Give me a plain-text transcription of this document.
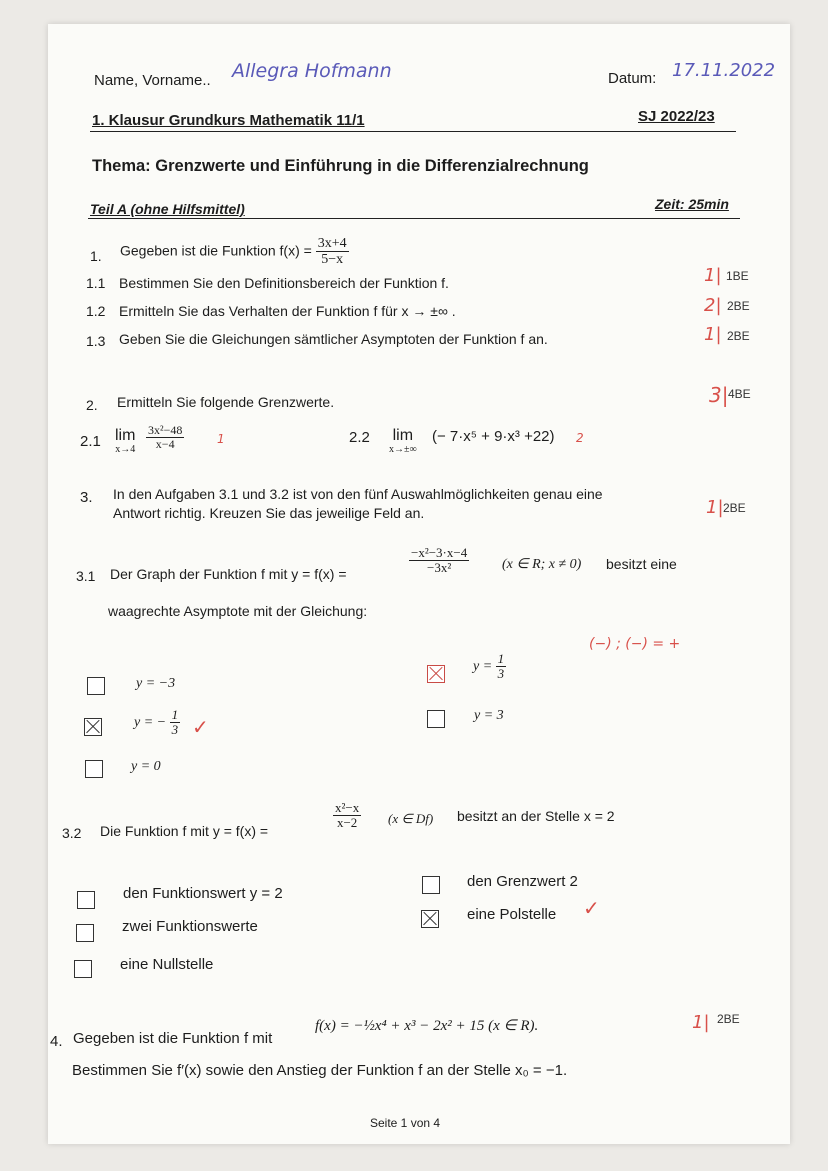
Name, Vorname.. Allegra Hofmann	Datum: 17.11.2022
1. Klausur Grundkurs Mathematik 11/1	SJ 2022/23
Thema: Grenzwerte und Einführung in die Differenzialrechnung
Teil A (ohne Hilfsmittel)	Zeit: 25min
1. Gegeben ist die Funktion $f(x) = \frac{3x+4}{5-x}$
1.1 Bestimmen Sie den Definitionsbereich der Funktion f.	1| 1BE
1.2 Ermitteln Sie das Verhalten der Funktion f für x → ±∞ .	2| 2BE
1.3 Geben Sie die Gleichungen sämtlicher Asymptoten der Funktion f an.	1| 2BE
2. Ermitteln Sie folgende Grenzwerte.	3| 4BE
2.1 lim
$x\to 4 \frac{\text{3x²−48}}{x-4}$	1	2.2 lim
x→±∞
(− 7·x⁵ + 9·x³ +22) 2
3. In den Aufgaben 3.1 und 3.2 ist von den fünf Auswahlmöglichkeiten genau eine
Antwort richtig. Kreuzen Sie das jeweilige Feld an.	1| 2BE
3.1 Der Graph der Funktion f mit y = f(x) =	$\frac{\text{−x²−3·x−4}}{\text{−3x²}} (x$ ∈ R; x ≠ 0) besitzt eine
waagrechte Asymptote mit der Gleichung:
(−) ; (−) = +
y = −3
y = − $\frac{1}{3}$ ✓
y = 0
$y = \frac{1}{3}$
y = 3
3.2 Die Funktion f mit y = f(x) =
$\frac{\text{x²−x}}{x-2} (x$ ∈ Df) besitzt an der Stelle x = 2
den Funktionswert y = 2
zwei Funktionswerte
eine Nullstelle
den Grenzwert 2
eine Polstelle ✓
4. Gegeben ist die Funktion f mit
f(x) = −½x⁴ + x³ − 2x² + 15 (x ∈ R).	1| 2BE
Bestimmen Sie f′(x) sowie den Anstieg der Funktion f an der Stelle x₀ = −1.
Seite 1 von 4
